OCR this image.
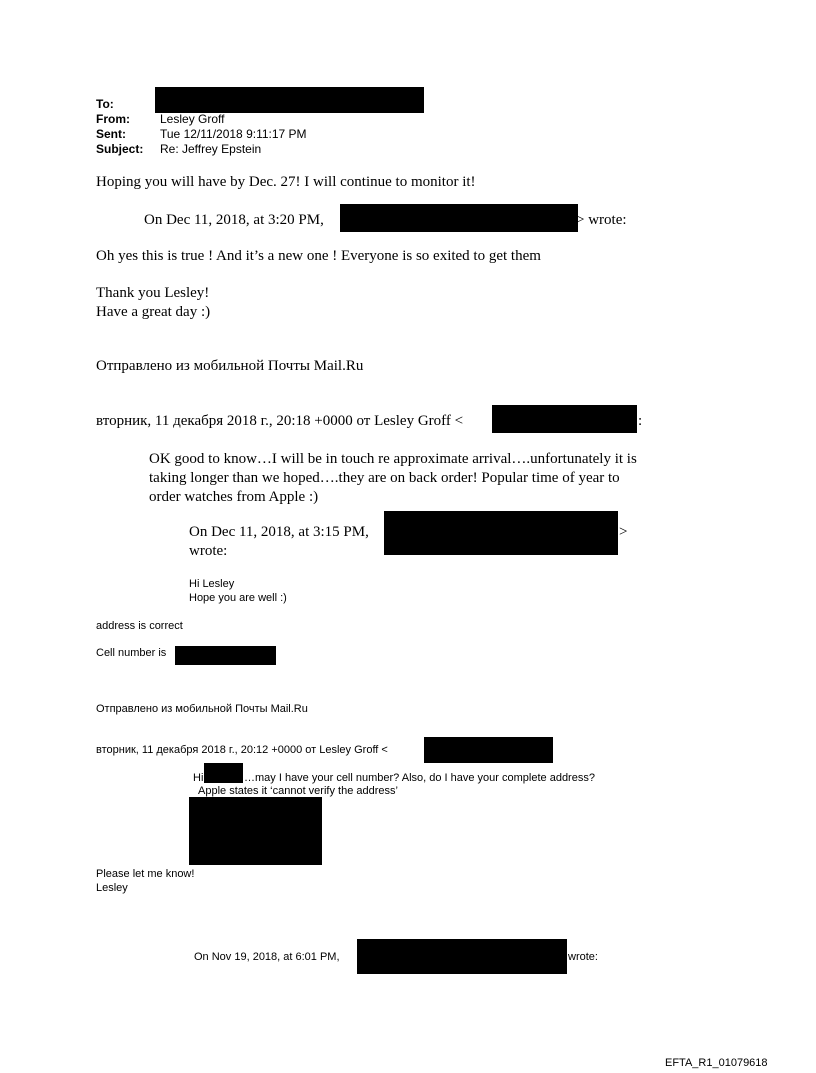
To:
From:	Lesley Groff
Sent:	Tue 12/11/2018 9:11:17 PM
Subject: Re: Jeffrey Epstein
Hoping you will have by Dec. 27! I will continue to monitor it!
On Dec 11, 2018, at 3:20 PM,	> wrote:
Oh yes this is true ! And it’s a new one ! Everyone is so exited to get them
Thank you Lesley!
Have a great day :)
Отправлено из мобильной Почты Mail.Ru
вторник, 11 декабря 2018 г., 20:18 +0000 от Lesley Groff <	:
OK good to know…I will be in touch re approximate arrival….unfortunately it is
taking longer than we hoped….they are on back order! Popular time of year to
order watches from Apple :)
On Dec 11, 2018, at 3:15 PM,	>
wrote:
Hi Lesley
Hope you are well :)
address is correct
Cell number is
Отправлено из мобильной Почты Mail.Ru
вторник, 11 декабря 2018 г., 20:12 +0000 от Lesley Groff <
Hi	…may I have your cell number? Also, do I have your complete address?
Apple states it ‘cannot verify the address’
Please let me know!
Lesley
On Nov 19, 2018, at 6:01 PM,	wrote:
EFTA_R1_01079618
